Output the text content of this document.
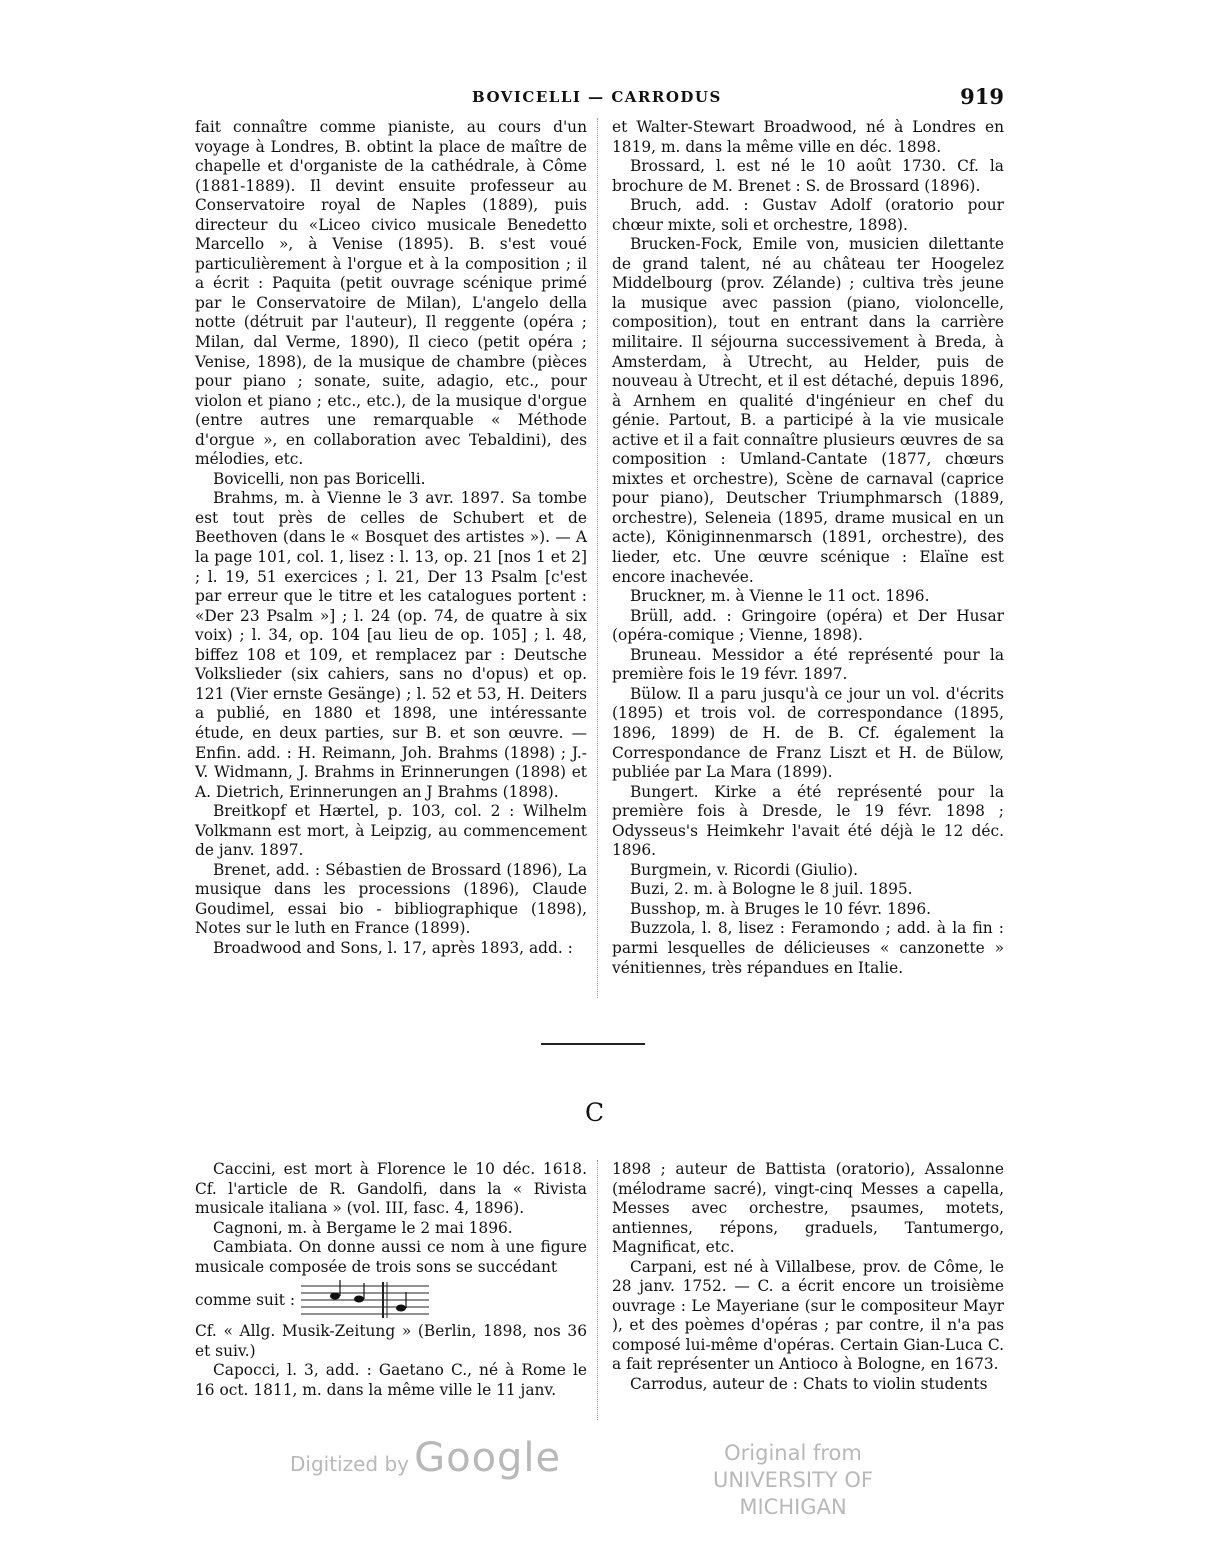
BOVICELLI — CARRODUS	919

fait connaître comme pianiste, au cours d'un voyage à Londres, B. obtint la place de maître de chapelle et d'organiste de la cathédrale, à Côme (1881-1889). Il devint ensuite professeur au Conservatoire royal de Naples (1889), puis directeur du «Liceo civico musicale Benedetto Marcello », à Venise (1895). B. s'est voué particulièrement à l'orgue et à la composition ; il a écrit : Paquita (petit ouvrage scénique primé par le Conservatoire de Milan), L'angelo della notte (détruit par l'auteur), Il reggente (opéra ; Milan, dal Verme, 1890), Il cieco (petit opéra ; Venise, 1898), de la musique de chambre (pièces pour piano ; sonate, suite, adagio, etc., pour violon et piano ; etc., etc.), de la musique d'orgue (entre autres une remarquable « Méthode d'orgue », en collaboration avec Tebaldini), des mélodies, etc.

Bovicelli, non pas Boricelli.

Brahms, m. à Vienne le 3 avr. 1897. Sa tombe est tout près de celles de Schubert et de Beethoven (dans le « Bosquet des artistes »). — A la page 101, col. 1, lisez : l. 13, op. 21 [nos 1 et 2] ; l. 19, 51 exercices ; l. 21, Der 13 Psalm [c'est par erreur que le titre et les catalogues portent : «Der 23 Psalm »] ; l. 24 (op. 74, de quatre à six voix) ; l. 34, op. 104 [au lieu de op. 105] ; l. 48, biffez 108 et 109, et remplacez par : Deutsche Volkslieder (six cahiers, sans no d'opus) et op. 121 (Vier ernste Gesänge) ; l. 52 et 53, H. Deiters a publié, en 1880 et 1898, une intéressante étude, en deux parties, sur B. et son œuvre. — Enfin. add. : H. Reimann, Joh. Brahms (1898) ; J.-V. Widmann, J. Brahms in Erinnerungen (1898) et A. Dietrich, Erinnerungen an J Brahms (1898).

Breitkopf et Hærtel, p. 103, col. 2 : Wilhelm Volkmann est mort, à Leipzig, au commencement de janv. 1897.

Brenet, add. : Sébastien de Brossard (1896), La musique dans les processions (1896), Claude Goudimel, essai bio - bibliographique (1898), Notes sur le luth en France (1899).

Broadwood and Sons, l. 17, après 1893, add. :

et Walter-Stewart Broadwood, né à Londres en 1819, m. dans la même ville en déc. 1898.

Brossard, l. est né le 10 août 1730. Cf. la brochure de M. Brenet : S. de Brossard (1896).

Bruch, add. : Gustav Adolf (oratorio pour chœur mixte, soli et orchestre, 1898).

Brucken-Fock, Emile von, musicien dilettante de grand talent, né au château ter Hoogelez Middelbourg (prov. Zélande) ; cultiva très jeune la musique avec passion (piano, violoncelle, composition), tout en entrant dans la carrière militaire. Il séjourna successivement à Breda, à Amsterdam, à Utrecht, au Helder, puis de nouveau à Utrecht, et il est détaché, depuis 1896, à Arnhem en qualité d'ingénieur en chef du génie. Partout, B. a participé à la vie musicale active et il a fait connaître plusieurs œuvres de sa composition : Umland-Cantate (1877, chœurs mixtes et orchestre), Scène de carnaval (caprice pour piano), Deutscher Triumphmarsch (1889, orchestre), Seleneia (1895, drame musical en un acte), Königinnenmarsch (1891, orchestre), des lieder, etc. Une œuvre scénique : Elaïne est encore inachevée.

Bruckner, m. à Vienne le 11 oct. 1896.

Brüll, add. : Gringoire (opéra) et Der Husar (opéra-comique ; Vienne, 1898).

Bruneau. Messidor a été représenté pour la première fois le 19 févr. 1897.

Bülow. Il a paru jusqu'à ce jour un vol. d'écrits (1895) et trois vol. de correspondance (1895, 1896, 1899) de H. de B. Cf. également la Correspondance de Franz Liszt et H. de Bülow, publiée par La Mara (1899).

Bungert. Kirke a été représenté pour la première fois à Dresde, le 19 févr. 1898 ; Odysseus's Heimkehr l'avait été déjà le 12 déc. 1896.

Burgmein, v. Ricordi (Giulio).

Buzi, 2. m. à Bologne le 8 juil. 1895.

Busshop, m. à Bruges le 10 févr. 1896.

Buzzola, l. 8, lisez : Feramondo ; add. à la fin : parmi lesquelles de délicieuses « canzonette » vénitiennes, très répandues en Italie.

C

Caccini, est mort à Florence le 10 déc. 1618. Cf. l'article de R. Gandolfi, dans la « Rivista musicale italiana » (vol. III, fasc. 4, 1896).

Cagnoni, m. à Bergame le 2 mai 1896.

Cambiata. On donne aussi ce nom à une figure musicale composée de trois sons se succédant

comme suit :

Cf. « Allg. Musik-Zeitung » (Berlin, 1898, nos 36 et suiv.)

Capocci, l. 3, add. : Gaetano C., né à Rome le 16 oct. 1811, m. dans la même ville le 11 janv.

1898 ; auteur de Battista (oratorio), Assalonne (mélodrame sacré), vingt-cinq Messes a capella, Messes avec orchestre, psaumes, motets, antiennes, répons, graduels, Tantumergo, Magnificat, etc.

Carpani, est né à Villalbese, prov. de Côme, le 28 janv. 1752. — C. a écrit encore un troisième ouvrage : Le Mayeriane (sur le compositeur Mayr ), et des poèmes d'opéras ; par contre, il n'a pas composé lui-même d'opéras. Certain Gian-Luca C. a fait représenter un Antioco à Bologne, en 1673.

Carrodus, auteur de : Chats to violin students

Digitized by Google	Original from
UNIVERSITY OF MICHIGAN
